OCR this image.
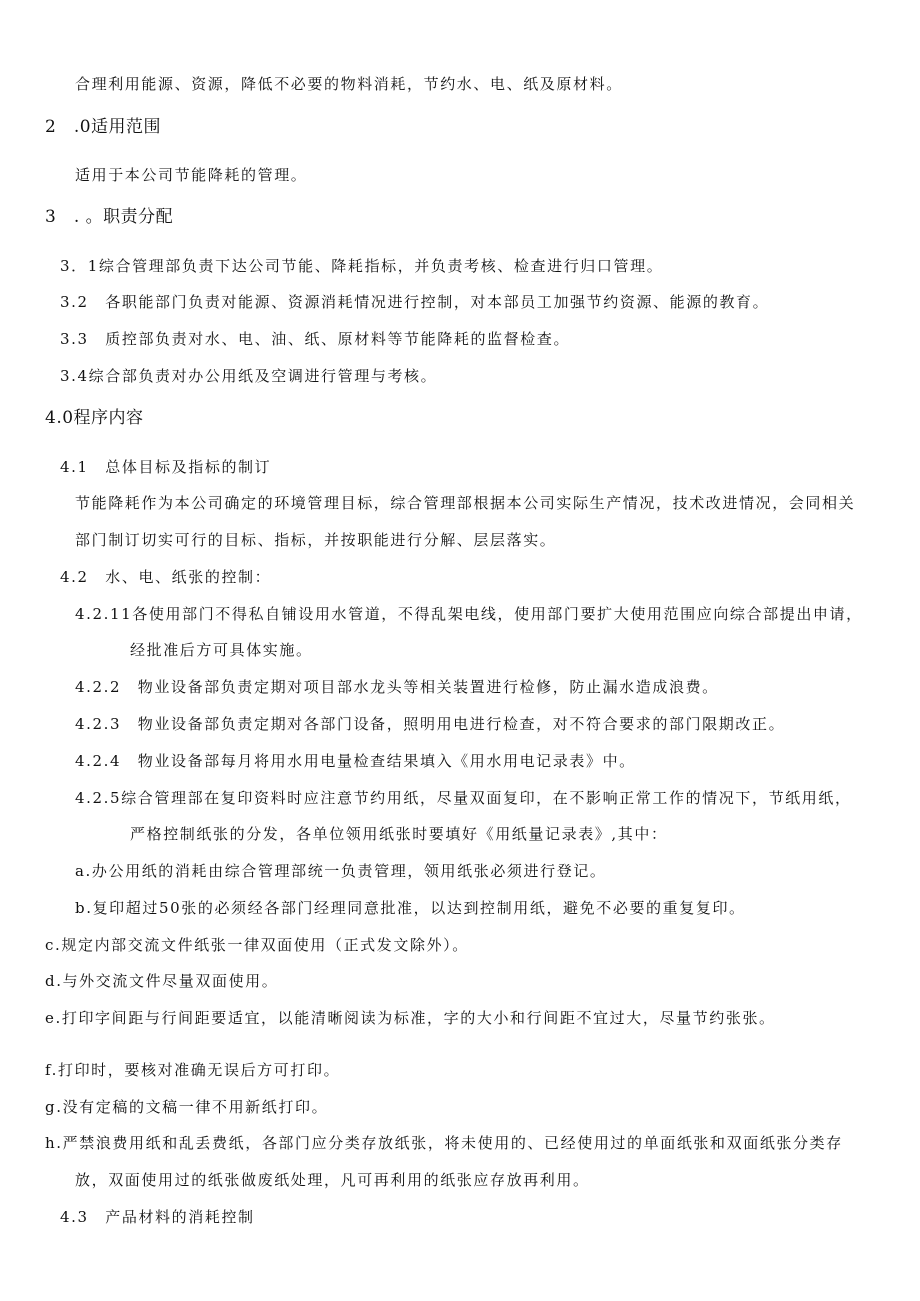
合理利用能源、资源，降低不必要的物料消耗，节约水、电、纸及原材料。
2　.0适用范围
适用于本公司节能降耗的管理。
3　. 。职责分配
3．1综合管理部负责下达公司节能、降耗指标，并负责考核、检查进行归口管理。
3.2　各职能部门负责对能源、资源消耗情况进行控制，对本部员工加强节约资源、能源的教育。
3.3　质控部负责对水、电、油、纸、原材料等节能降耗的监督检查。
3.4综合部负责对办公用纸及空调进行管理与考核。
4.0程序内容
4.1　总体目标及指标的制订
节能降耗作为本公司确定的环境管理目标，综合管理部根据本公司实际生产情况，技术改进情况，会同相关
部门制订切实可行的目标、指标，并按职能进行分解、层层落实。
4.2　水、电、纸张的控制：
4.2.11各使用部门不得私自铺设用水管道，不得乱架电线，使用部门要扩大使用范围应向综合部提出申请，
经批准后方可具体实施。
4.2.2　物业设备部负责定期对项目部水龙头等相关装置进行检修，防止漏水造成浪费。
4.2.3　物业设备部负责定期对各部门设备，照明用电进行检查，对不符合要求的部门限期改正。
4.2.4　物业设备部每月将用水用电量检查结果填入《用水用电记录表》中。
4.2.5综合管理部在复印资料时应注意节约用纸，尽量双面复印，在不影响正常工作的情况下，节纸用纸，
严格控制纸张的分发，各单位领用纸张时要填好《用纸量记录表》,其中：
a.办公用纸的消耗由综合管理部统一负责管理，领用纸张必须进行登记。
b.复印超过50张的必须经各部门经理同意批准，以达到控制用纸，避免不必要的重复复印。
c.规定内部交流文件纸张一律双面使用（正式发文除外）。
d.与外交流文件尽量双面使用。
e.打印字间距与行间距要适宜，以能清晰阅读为标准，字的大小和行间距不宜过大，尽量节约张张。
f.打印时，要核对准确无误后方可打印。
g.没有定稿的文稿一律不用新纸打印。
h.严禁浪费用纸和乱丢费纸，各部门应分类存放纸张，将未使用的、已经使用过的单面纸张和双面纸张分类存
放，双面使用过的纸张做废纸处理，凡可再利用的纸张应存放再利用。
4.3　产品材料的消耗控制
